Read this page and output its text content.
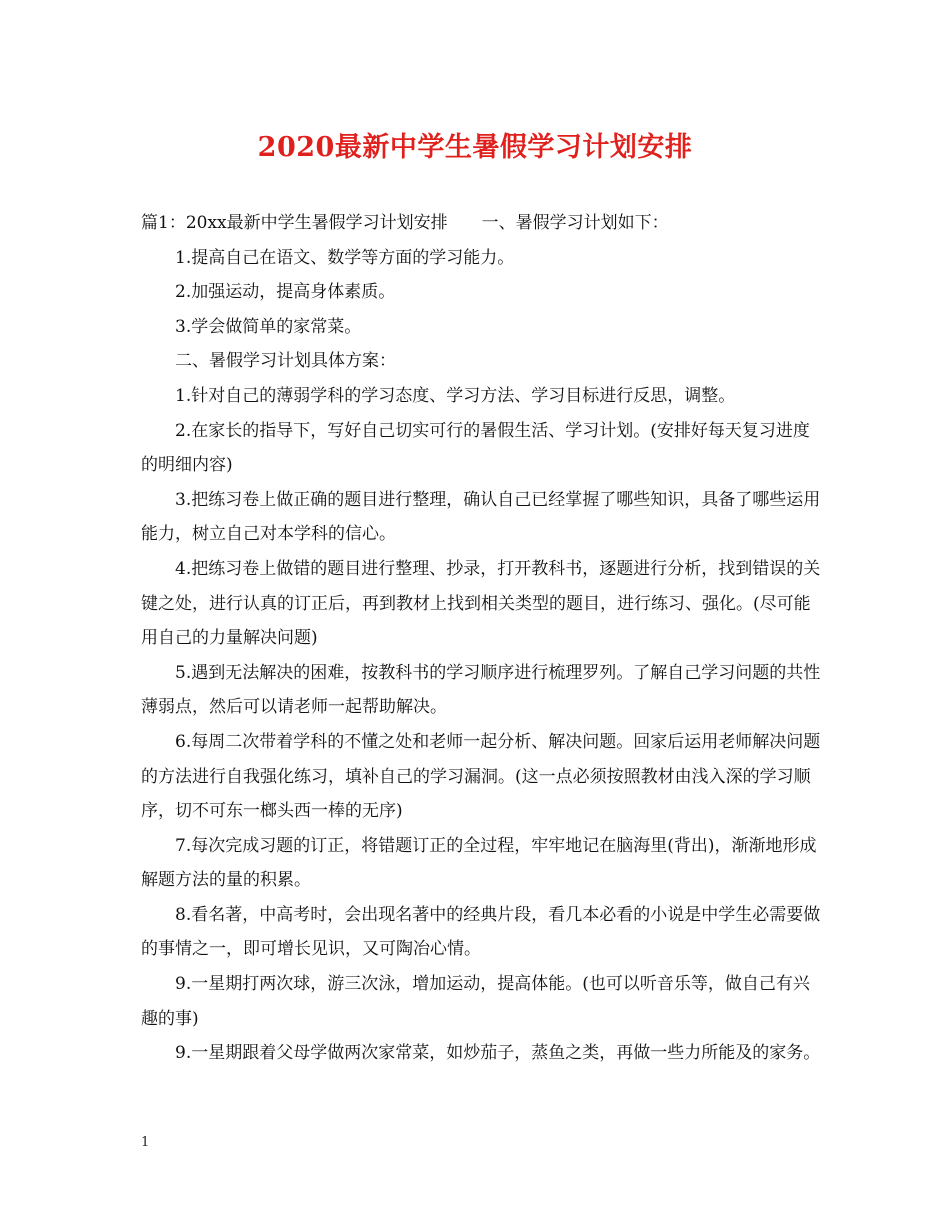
2020最新中学生暑假学习计划安排

篇1：20xx最新中学生暑假学习计划安排　　一、暑假学习计划如下：

1.提高自己在语文、数学等方面的学习能力。

2.加强运动，提高身体素质。

3.学会做简单的家常菜。

二、暑假学习计划具体方案：

1.针对自己的薄弱学科的学习态度、学习方法、学习目标进行反思，调整。

2.在家长的指导下，写好自己切实可行的暑假生活、学习计划。(安排好每天复习进度的明细内容)

3.把练习卷上做正确的题目进行整理，确认自己已经掌握了哪些知识，具备了哪些运用能力，树立自己对本学科的信心。

4.把练习卷上做错的题目进行整理、抄录，打开教科书，逐题进行分析，找到错误的关键之处，进行认真的订正后，再到教材上找到相关类型的题目，进行练习、强化。(尽可能用自己的力量解决问题)

5.遇到无法解决的困难，按教科书的学习顺序进行梳理罗列。了解自己学习问题的共性薄弱点，然后可以请老师一起帮助解决。

6.每周二次带着学科的不懂之处和老师一起分析、解决问题。回家后运用老师解决问题的方法进行自我强化练习，填补自己的学习漏洞。(这一点必须按照教材由浅入深的学习顺序，切不可东一榔头西一棒的无序)

7.每次完成习题的订正，将错题订正的全过程，牢牢地记在脑海里(背出)，渐渐地形成解题方法的量的积累。

8.看名著，中高考时，会出现名著中的经典片段，看几本必看的小说是中学生必需要做的事情之一，即可增长见识，又可陶冶心情。

9.一星期打两次球，游三次泳，增加运动，提高体能。(也可以听音乐等，做自己有兴趣的事)

9.一星期跟着父母学做两次家常菜，如炒茄子，蒸鱼之类，再做一些力所能及的家务。

1
